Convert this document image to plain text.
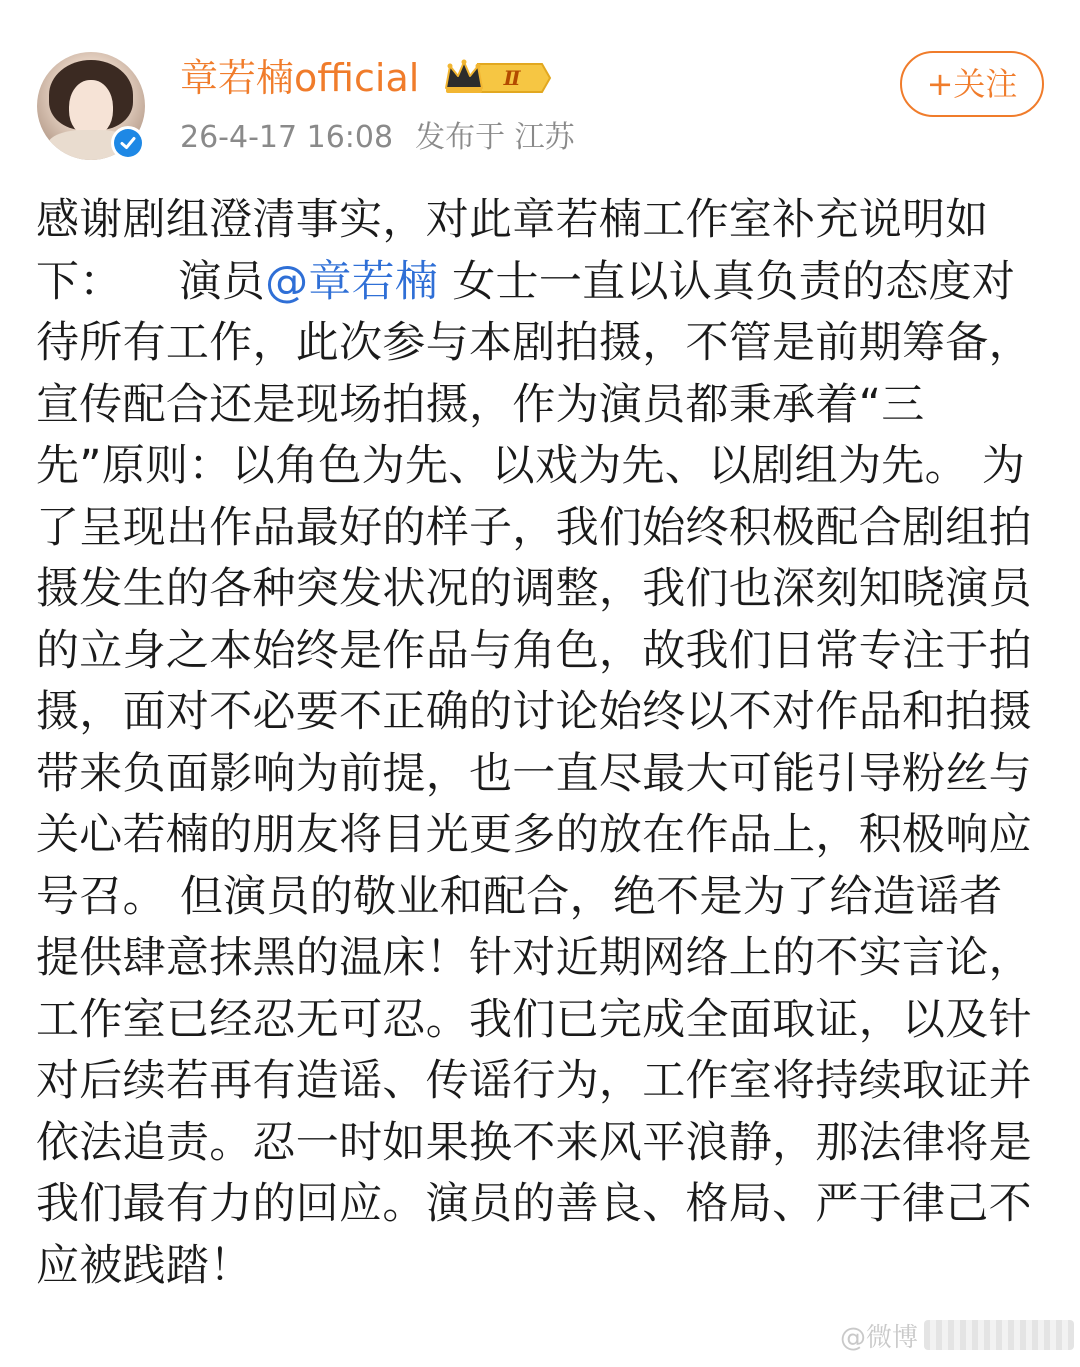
章若楠official	Ⅱ
26-4-17 16:08 发布于 江苏
+关注
感谢剧组澄清事实，对此章若楠工作室补充说明如下：    演员@章若楠 女士一直以认真负责的态度对待所有工作，此次参与本剧拍摄，不管是前期筹备，宣传配合还是现场拍摄，作为演员都秉承着“三先”原则：以角色为先、以戏为先、以剧组为先。 为了呈现出作品最好的样子，我们始终积极配合剧组拍摄发生的各种突发状况的调整，我们也深刻知晓演员的立身之本始终是作品与角色，故我们日常专注于拍摄，面对不必要不正确的讨论始终以不对作品和拍摄带来负面影响为前提，也一直尽最大可能引导粉丝与关心若楠的朋友将目光更多的放在作品上，积极响应号召。 但演员的敬业和配合，绝不是为了给造谣者提供肆意抹黑的温床！针对近期网络上的不实言论，工作室已经忍无可忍。我们已完成全面取证，以及针对后续若再有造谣、传谣行为，工作室将持续取证并依法追责。忍一时如果换不来风平浪静，那法律将是我们最有力的回应。演员的善良、格局、严于律己不应被践踏！
@微博
